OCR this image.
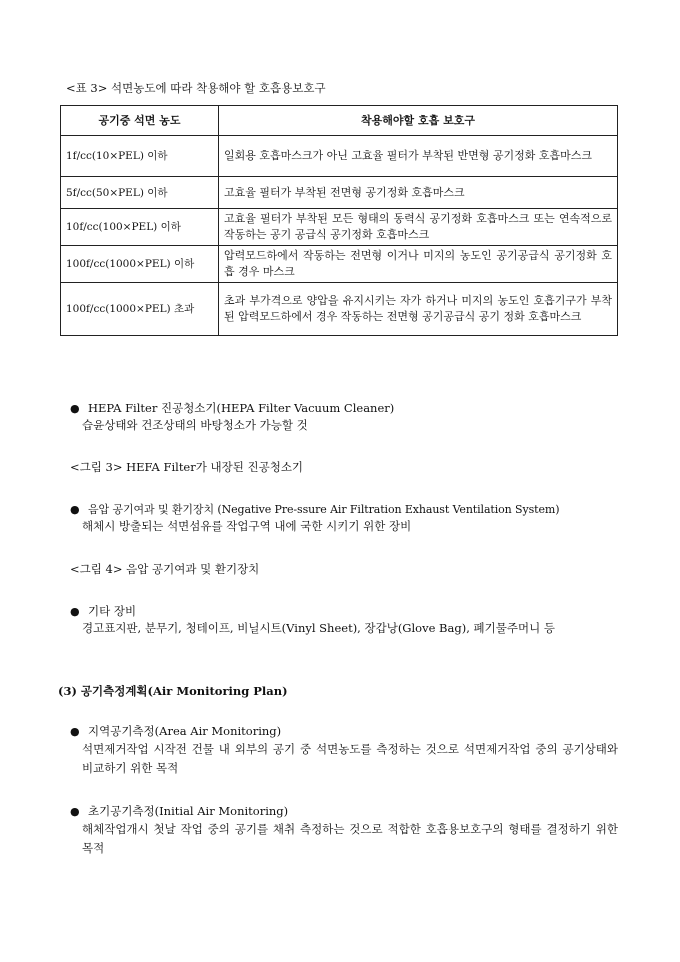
<표 3> 석면농도에 따라 착용해야 할 호흡용보호구
공기중 석면 농도	착용해야할 호흡 보호구
1f/cc(10×PEL) 이하	일회용 호흡마스크가 아닌 고효율 필터가 부착된 반면형 공기정화 호흡마스크
5f/cc(50×PEL) 이하	고효율 필터가 부착된 전면형 공기정화 호흡마스크
10f/cc(100×PEL) 이하	고효율 필터가 부착된 모든 형태의 동력식 공기정화 호흡마스크 또는 연속적으로 작동하는 공기 공급식 공기정화 호흡마스크
100f/cc(1000×PEL) 이하	압력모드하에서 작동하는 전면형 이거나 미지의 농도인 공기공급식 공기정화 호흡 경우 마스크
100f/cc(1000×PEL) 초과	초과 부가격으로 양압을 유지시키는 자가 하거나 미지의 농도인 호흡기구가 부착된 압력모드하에서 경우 작동하는 전면형 공기공급식 공기 정화 호흡마스크
● HEPA Filter 진공청소기(HEPA Filter Vacuum Cleaner)
습윤상태와 건조상태의 바탕청소가 가능할 것
<그림 3> HEFA Filter가 내장된 진공청소기
● 음압 공기여과 및 환기장치 (Negative Pre-ssure Air Filtration Exhaust Ventilation System)
해체시 방출되는 석면섬유를 작업구역 내에 국한 시키기 위한 장비
<그림 4> 음압 공기여과 및 환기장치
● 기타 장비
경고표지판, 분무기, 청테이프, 비닐시트(Vinyl Sheet), 장갑낭(Glove Bag), 폐기물주머니 등
(3) 공기측정계획(Air Monitoring Plan)
● 지역공기측정(Area Air Monitoring)
석면제거작업 시작전 건물 내 외부의 공기 중 석면농도를 측정하는 것으로 석면제거작업 중의 공기상태와 비교하기 위한 목적
● 초기공기측정(Initial Air Monitoring)
해체작업개시 첫날 작업 중의 공기를 채취 측정하는 것으로 적합한 호흡용보호구의 형태를 결정하기 위한 목적
